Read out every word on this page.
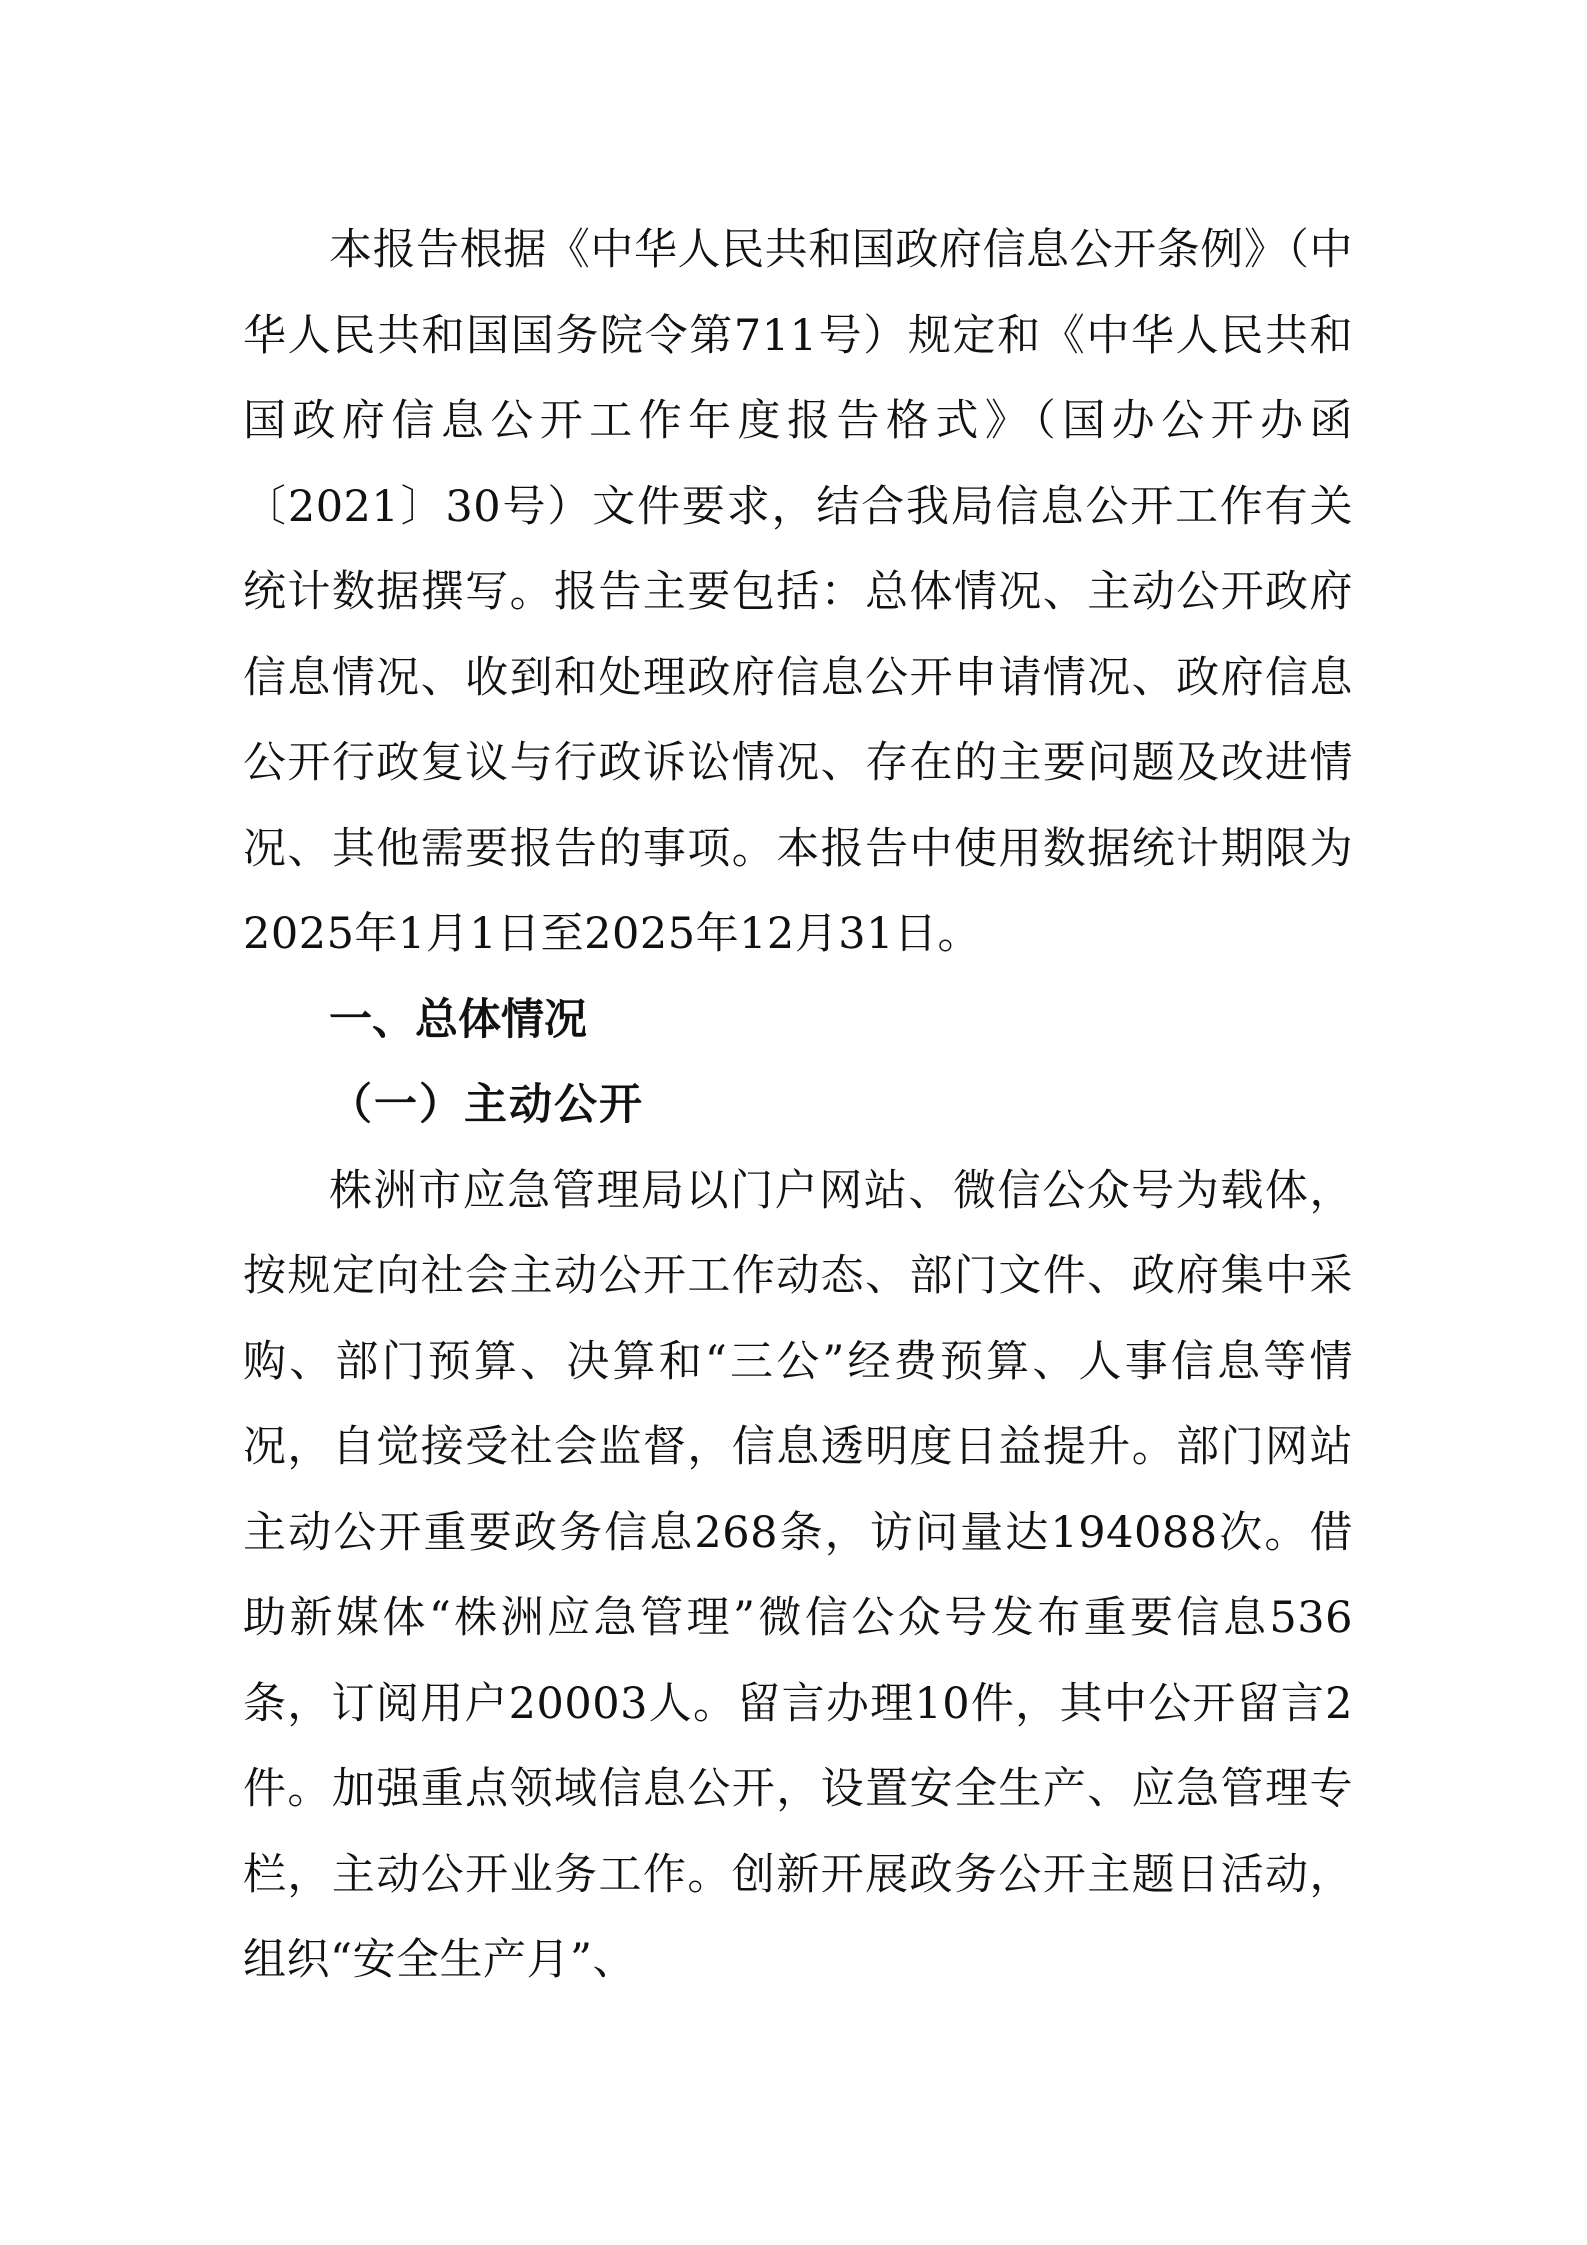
本报告根据《中华人民共和国政府信息公开条例》（中华人民共和国国务院令第711号）规定和《中华人民共和国政府信息公开工作年度报告格式》（国办公开办函〔2021〕30号）文件要求，结合我局信息公开工作有关统计数据撰写。报告主要包括：总体情况、主动公开政府信息情况、收到和处理政府信息公开申请情况、政府信息公开行政复议与行政诉讼情况、存在的主要问题及改进情况、其他需要报告的事项。本报告中使用数据统计期限为2025年1月1日至2025年12月31日。

一、总体情况

（一）主动公开

株洲市应急管理局以门户网站、微信公众号为载体，按规定向社会主动公开工作动态、部门文件、政府集中采购、部门预算、决算和“三公”经费预算、人事信息等情况，自觉接受社会监督，信息透明度日益提升。部门网站主动公开重要政务信息268条，访问量达194088次。借助新媒体“株洲应急管理”微信公众号发布重要信息536条，订阅用户20003人。留言办理10件，其中公开留言2件。加强重点领域信息公开，设置安全生产、应急管理专栏，主动公开业务工作。创新开展政务公开主题日活动，组织“安全生产月”、
